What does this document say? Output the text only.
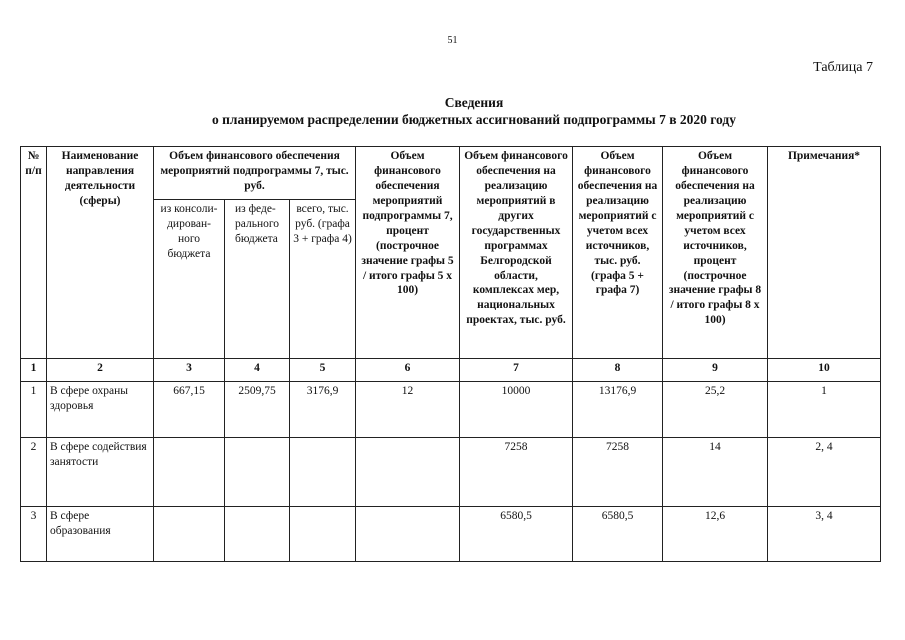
51
Таблица 7
Сведения
о планируемом распределении бюджетных ассигнований подпрограммы 7 в 2020 году
№ п/п	Наименование направления деятельности (сферы)	Объем финансового обеспечения мероприятий подпрограммы 7, тыс. руб.			Объем финансового обеспечения мероприятий подпрограммы 7, процент (построчное значение графы 5 / итого графы 5 х 100)	Объем финансового обеспечения на реализацию мероприятий в других государственных программах Белгородской области, комплексах мер, национальных проектах, тыс. руб.	Объем финансового обеспечения на реализацию мероприятий с учетом всех источников, тыс. руб. (графа 5 + графа 7)	Объем финансового обеспечения на реализацию мероприятий с учетом всех источников, процент (построчное значение графы 8 / итого графы 8 х 100)	Примечания*
		из консоли-дирован-ного бюджета	из феде-рального бюджета	всего, тыс. руб. (графа 3 + графа 4)					
1	2	3	4	5	6	7	8	9	10
1	В сфере охраны здоровья	667,15	2509,75	3176,9	12	10000	13176,9	25,2	1
2	В сфере содействия занятости					7258	7258	14	2, 4
3	В сфере образования					6580,5	6580,5	12,6	3, 4
